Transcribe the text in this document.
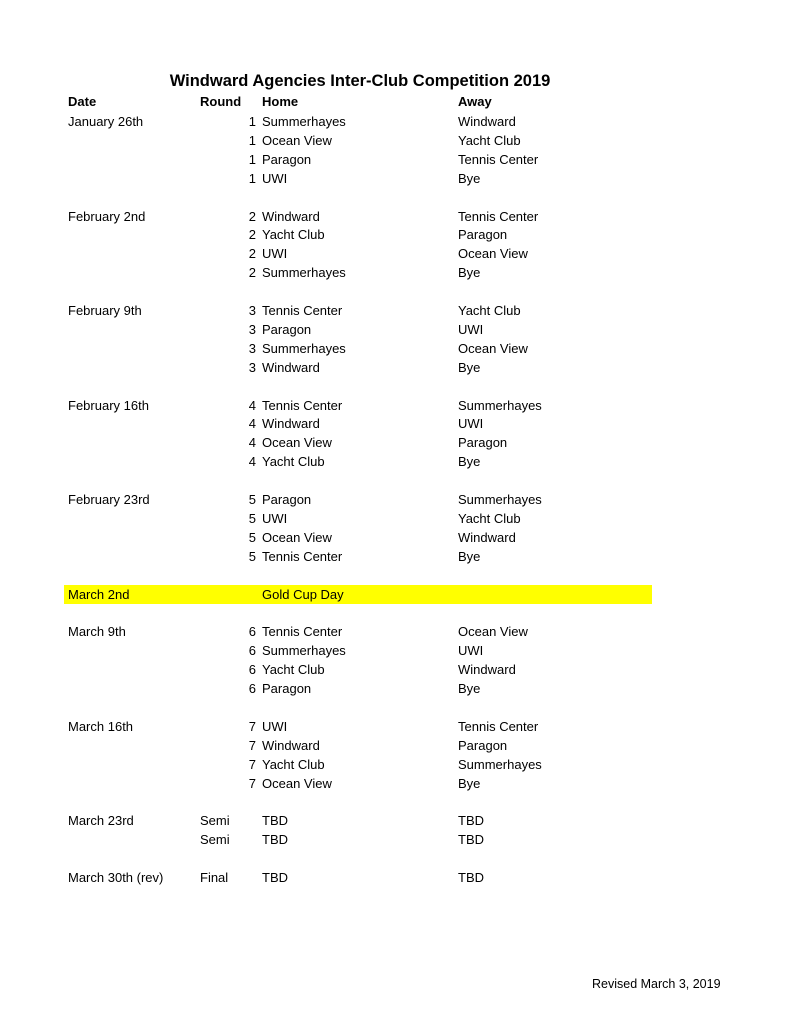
Windward Agencies Inter-Club Competition 2019
Date	Round Home	Away
January 26th	1 Summerhayes	Windward
1 Ocean View	Yacht Club
1 Paragon	Tennis Center
1 UWI	Bye
February 2nd	2 Windward	Tennis Center
2 Yacht Club	Paragon
2 UWI	Ocean View
2 Summerhayes	Bye
February 9th	3 Tennis Center	Yacht Club
3 Paragon	UWI
3 Summerhayes	Ocean View
3 Windward	Bye
February 16th	4 Tennis Center	Summerhayes
4 Windward	UWI
4 Ocean View	Paragon
4 Yacht Club	Bye
February 23rd	5 Paragon	Summerhayes
5 UWI	Yacht Club
5 Ocean View	Windward
5 Tennis Center	Bye
March 2nd	Gold Cup Day
March 9th	6 Tennis Center	Ocean View
6 Summerhayes	UWI
6 Yacht Club	Windward
6 Paragon	Bye
March 16th	7 UWI	Tennis Center
7 Windward	Paragon
7 Yacht Club	Summerhayes
7 Ocean View	Bye
March 23rd	Semi TBD	TBD
Semi TBD	TBD
March 30th (rev)	Final	TBD	TBD
Revised March 3, 2019
